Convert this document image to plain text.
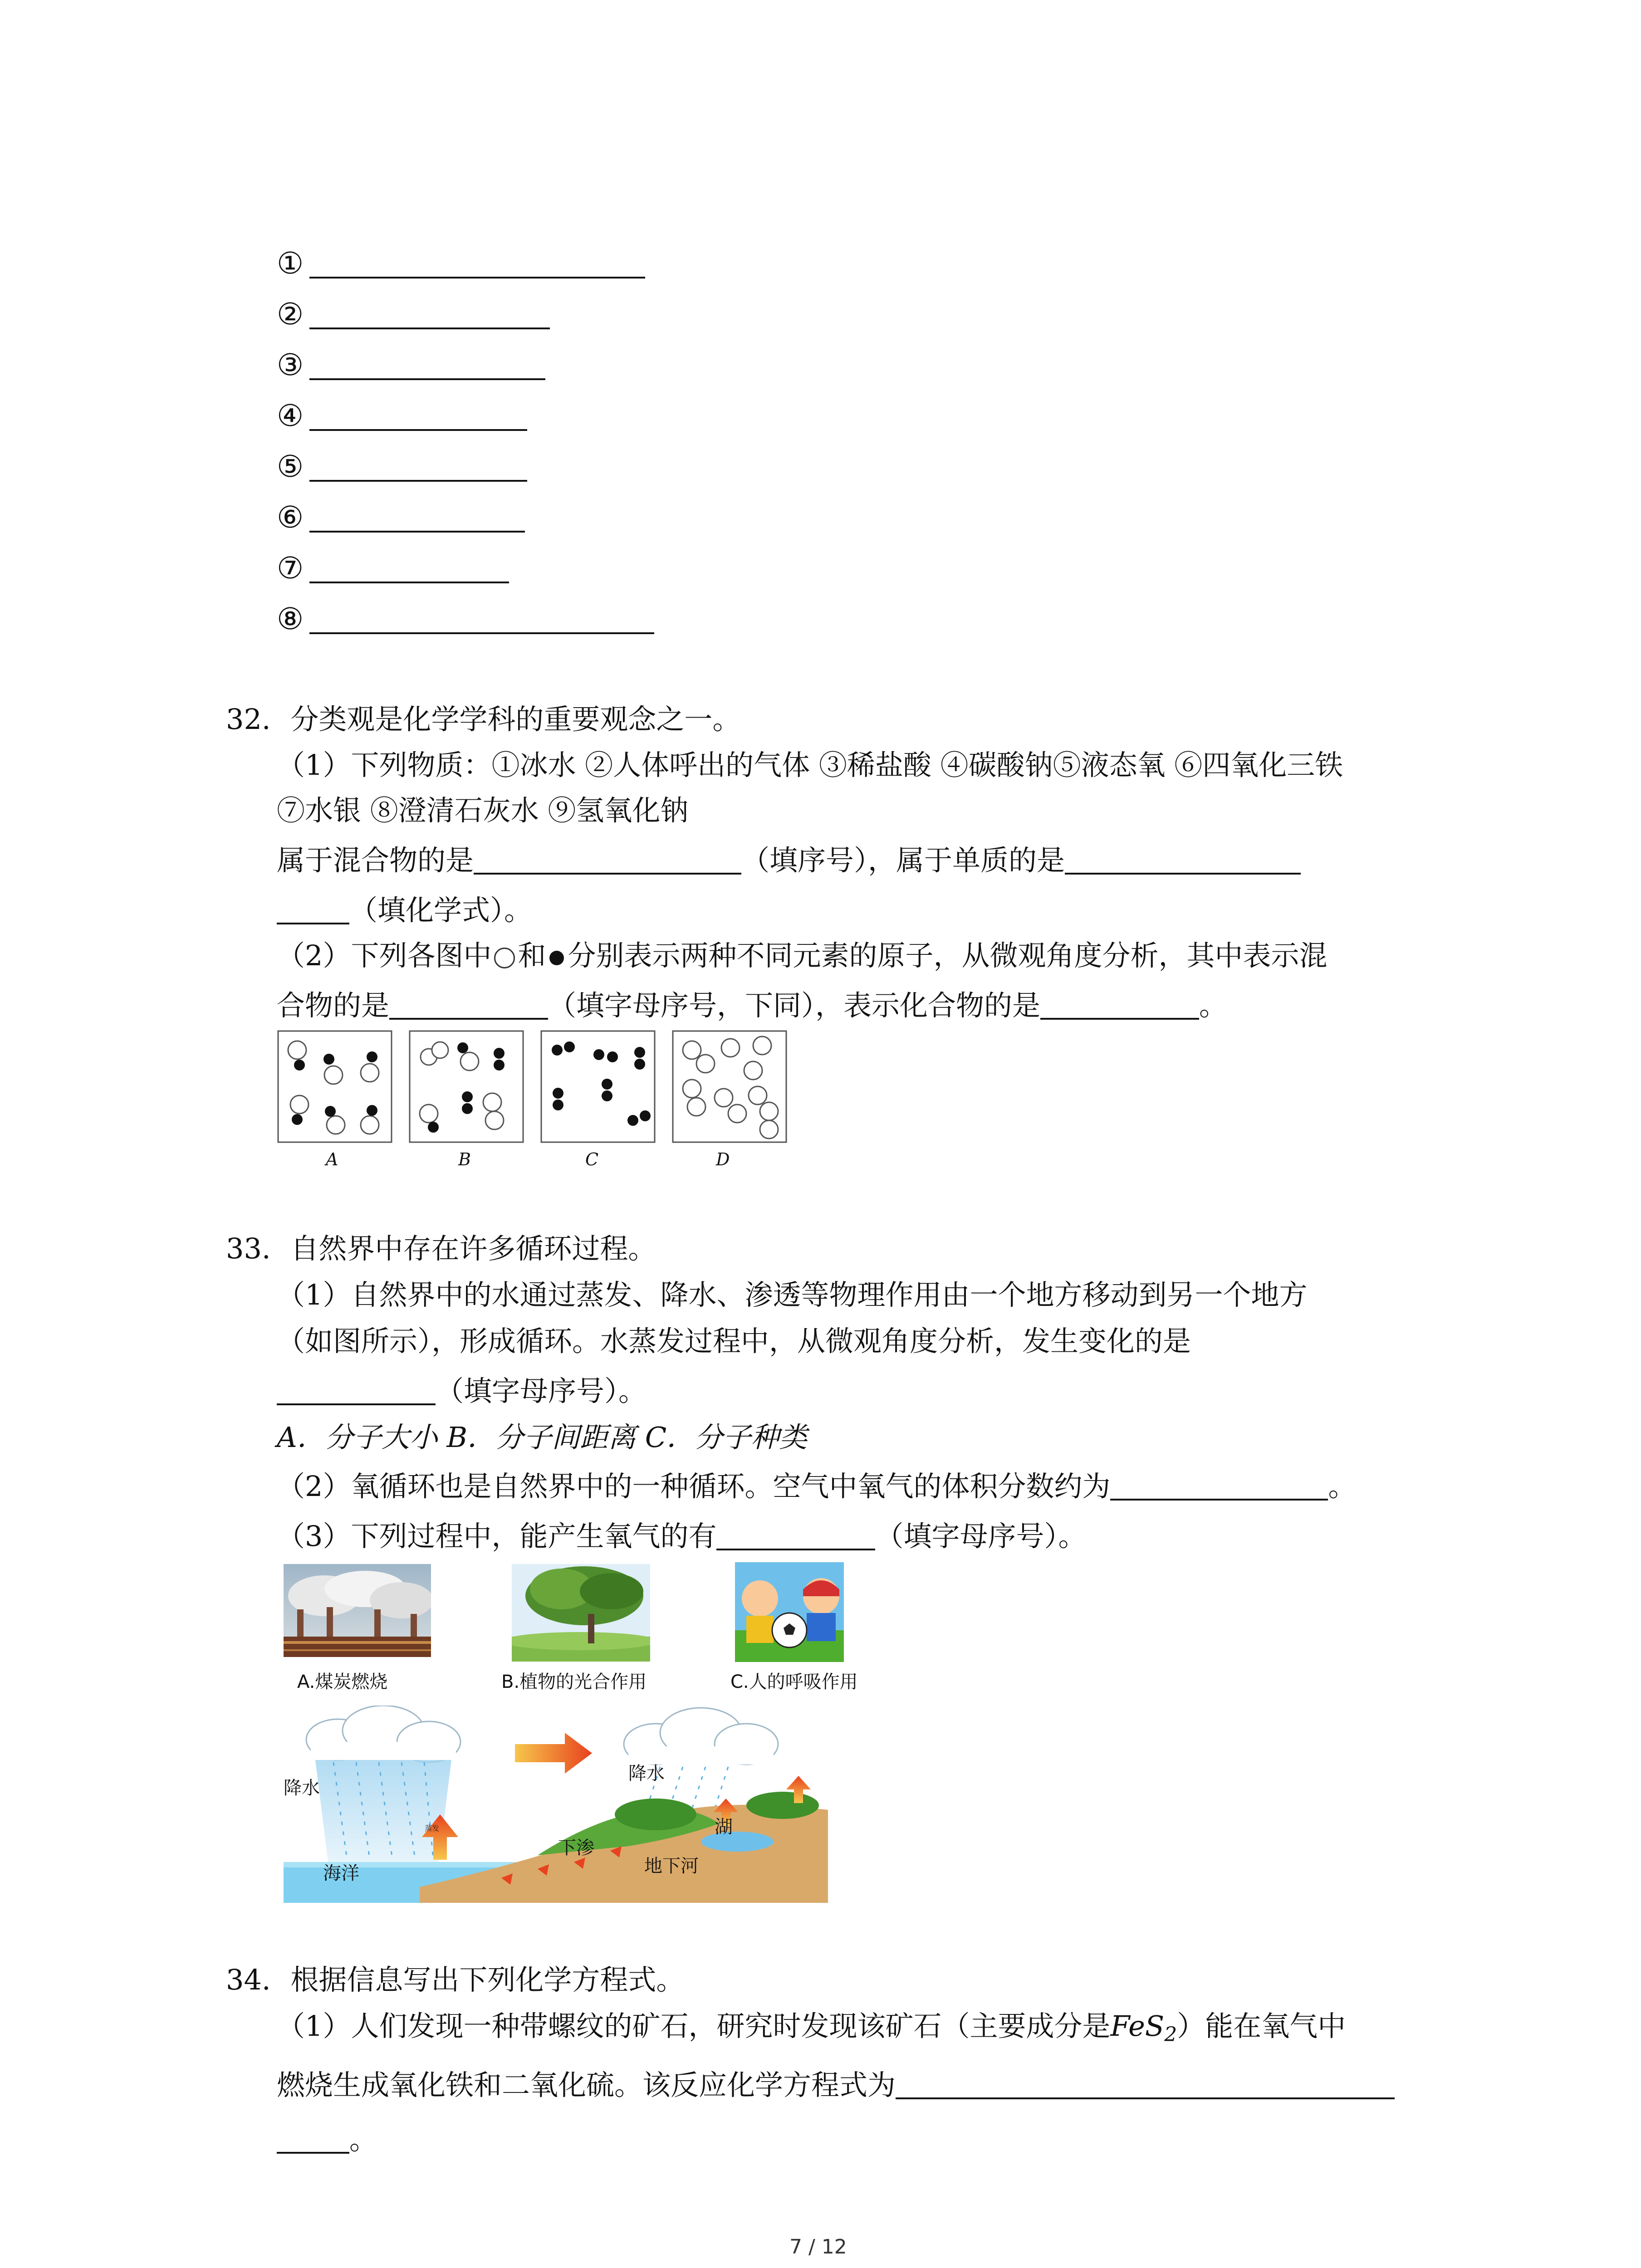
①
②
③
④
⑤
⑥
⑦
⑧
32. 分类观是化学学科的重要观念之一。
（1）下列物质：①冰水 ②人体呼出的气体 ③稀盐酸 ④碳酸钠⑤液态氧 ⑥四氧化三铁
⑦水银 ⑧澄清石灰水 ⑨氢氧化钠
属于混合物的是	（填序号），属于单质的是
（填化学式）。
（2）下列各图中 和 分别表示两种不同元素的原子，从微观角度分析，其中表示混
合物的是	（填字母序号，下同），表示化合物的是	。
A	B	C	D
33. 自然界中存在许多循环过程。
（1）自然界中的水通过蒸发、降水、渗透等物理作用由一个地方移动到另一个地方
（如图所示），形成循环。水蒸发过程中，从微观角度分析，发生变化的是
（填字母序号）。
A．分子大小 B．分子间距离 C．分子种类
（2）氧循环也是自然界中的一种循环。空气中氧气的体积分数约为	。
（3）下列过程中，能产生氧气的有	（填字母序号）。
A.煤炭燃烧	B.植物的光合作用	C.人的呼吸作用
降水
降水
蒸发
海洋
下渗
湖
地下河
34. 根据信息写出下列化学方程式。
（1）人们发现一种带螺纹的矿石，研究时发现该矿石（主要成分是FeS$_2$）能在氧气中
燃烧生成氧化铁和二氧化硫。该反应化学方程式为
。
7 / 12
